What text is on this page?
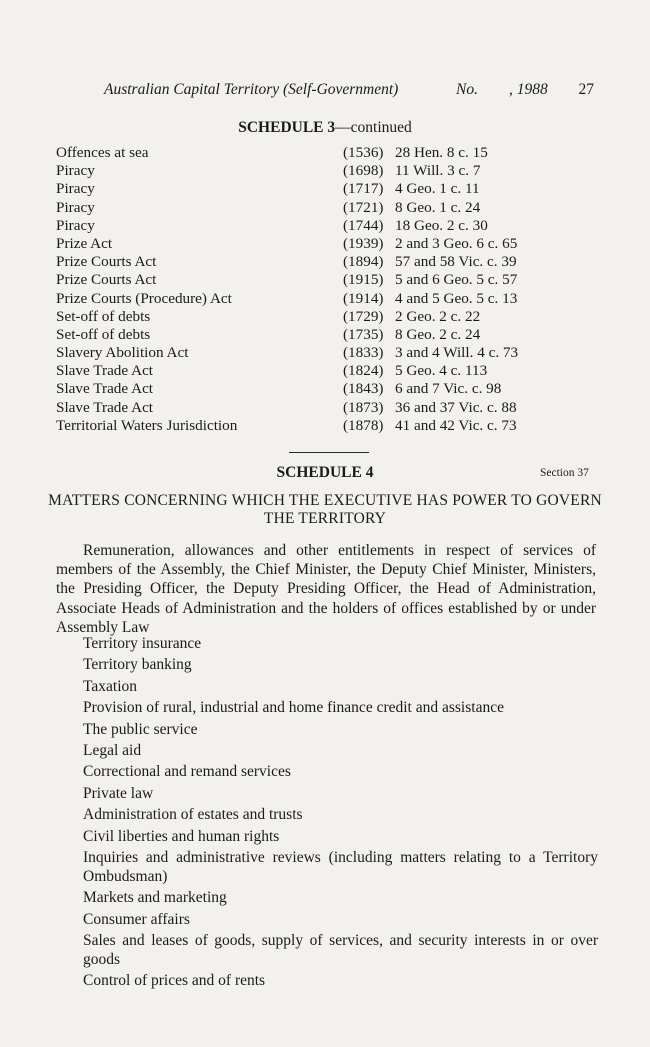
Australian Capital Territory (Self-Government)	No. , 1988 27
SCHEDULE 3—continued
Offences at sea	(1536) 28 Hen. 8 c. 15
Piracy	(1698) 11 Will. 3 c. 7
Piracy	(1717) 4 Geo. 1 c. 11
Piracy	(1721) 8 Geo. 1 c. 24
Piracy	(1744) 18 Geo. 2 c. 30
Prize Act	(1939) 2 and 3 Geo. 6 c. 65
Prize Courts Act	(1894) 57 and 58 Vic. c. 39
Prize Courts Act	(1915) 5 and 6 Geo. 5 c. 57
Prize Courts (Procedure) Act	(1914) 4 and 5 Geo. 5 c. 13
Set-off of debts	(1729) 2 Geo. 2 c. 22
Set-off of debts	(1735) 8 Geo. 2 c. 24
Slavery Abolition Act	(1833) 3 and 4 Will. 4 c. 73
Slave Trade Act	(1824) 5 Geo. 4 c. 113
Slave Trade Act	(1843) 6 and 7 Vic. c. 98
Slave Trade Act	(1873) 36 and 37 Vic. c. 88
Territorial Waters Jurisdiction	(1878) 41 and 42 Vic. c. 73
SCHEDULE 4	Section 37
MATTERS CONCERNING WHICH THE EXECUTIVE HAS POWER TO GOVERN THE TERRITORY

Remuneration, allowances and other entitlements in respect of services of members of the Assembly, the Chief Minister, the Deputy Chief Minister, Ministers, the Presiding Officer, the Deputy Presiding Officer, the Head of Administration, Associate Heads of Administration and the holders of offices established by or under Assembly Law

Territory insurance
Territory banking
Taxation
Provision of rural, industrial and home finance credit and assistance
The public service
Legal aid
Correctional and remand services
Private law
Administration of estates and trusts
Civil liberties and human rights
Inquiries and administrative reviews (including matters relating to a Territory Ombudsman)
Markets and marketing
Consumer affairs
Sales and leases of goods, supply of services, and security interests in or over goods
Control of prices and of rents
